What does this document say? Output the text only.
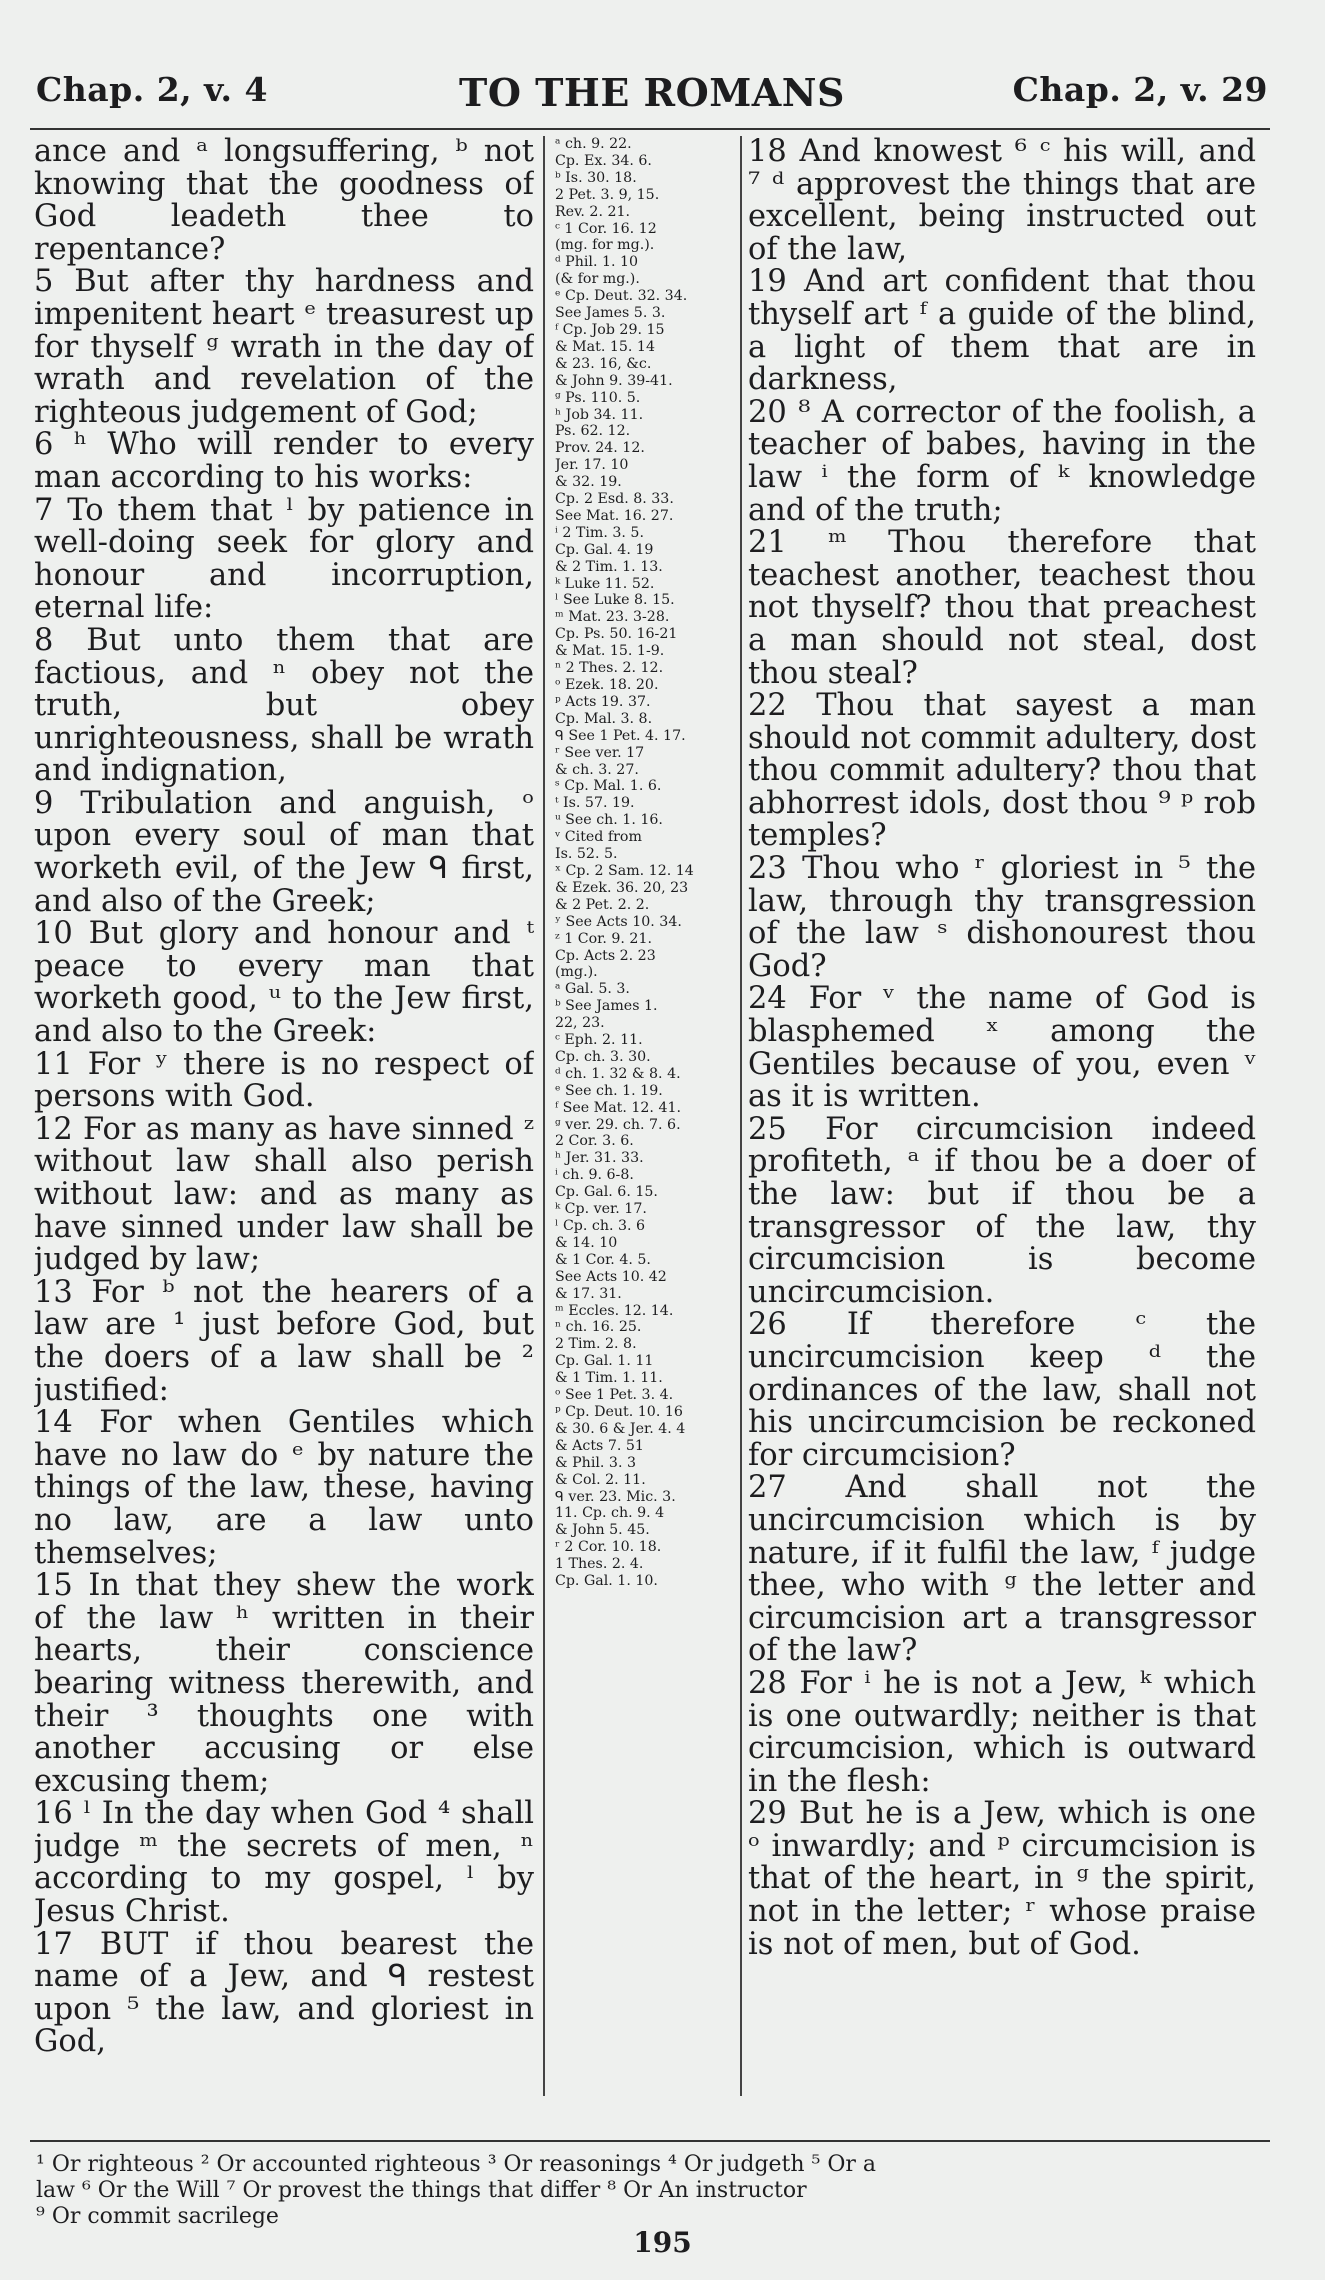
Chap. 2, v. 4	TO THE ROMANS	Chap. 2, v. 29

ance and ᵃ longsuffering, ᵇ not knowing that the goodness of God leadeth thee to repentance?

5 But after thy hardness and impenitent heart ᵉ treasurest up for thyself ᵍ wrath in the day of wrath and revelation of the righteous judgement of God;

6 ʰ Who will render to every man according to his works:

7 To them that ˡ by patience in well-doing seek for glory and honour and incorruption, eternal life:

8 But unto them that are factious, and ⁿ obey not the truth, but obey unrighteousness, shall be wrath and indignation,

9 Tribulation and anguish, ᵒ upon every soul of man that worketh evil, of the Jew ᑫ first, and also of the Greek;

10 But glory and honour and ᵗ peace to every man that worketh good, ᵘ to the Jew first, and also to the Greek:

11 For ʸ there is no respect of persons with God.

12 For as many as have sinned ᶻ without law shall also perish without law: and as many as have sinned under law shall be judged by law;

13 For ᵇ not the hearers of a law are ¹ just before God, but the doers of a law shall be ² justified:

14 For when Gentiles which have no law do ᵉ by nature the things of the law, these, having no law, are a law unto themselves;

15 In that they shew the work of the law ʰ written in their hearts, their conscience bearing witness therewith, and their ³ thoughts one with another accusing or else excusing them;

16 ˡ In the day when God ⁴ shall judge ᵐ the secrets of men, ⁿ according to my gospel, ˡ by Jesus Christ.

17 BUT if thou bearest the name of a Jew, and ᑫ restest upon ⁵ the law, and gloriest in God,

ᵃ ch. 9. 22.
Cp. Ex. 34. 6.

ᵇ Is. 30. 18.
2 Pet. 3. 9, 15.
Rev. 2. 21.

ᶜ 1 Cor. 16. 12
(mg. for mg.).

ᵈ Phil. 1. 10
(& for mg.).

ᵉ Cp. Deut. 32. 34.
See James 5. 3.

ᶠ Cp. Job 29. 15
& Mat. 15. 14
& 23. 16, &c.
& John 9. 39-41.

ᵍ Ps. 110. 5.

ʰ Job 34. 11.
Ps. 62. 12.
Prov. 24. 12.
Jer. 17. 10
& 32. 19.
Cp. 2 Esd. 8. 33.
See Mat. 16. 27.

ⁱ 2 Tim. 3. 5.
Cp. Gal. 4. 19
& 2 Tim. 1. 13.

ᵏ Luke 11. 52.

ˡ See Luke 8. 15.

ᵐ Mat. 23. 3-28.
Cp. Ps. 50. 16-21
& Mat. 15. 1-9.

ⁿ 2 Thes. 2. 12.

ᵒ Ezek. 18. 20.

ᵖ Acts 19. 37.
Cp. Mal. 3. 8.

ᑫ See 1 Pet. 4. 17.

ʳ See ver. 17
& ch. 3. 27.

ˢ Cp. Mal. 1. 6.

ᵗ Is. 57. 19.

ᵘ See ch. 1. 16.

ᵛ Cited from
Is. 52. 5.

ˣ Cp. 2 Sam. 12. 14
& Ezek. 36. 20, 23
& 2 Pet. 2. 2.

ʸ See Acts 10. 34.

ᶻ 1 Cor. 9. 21.
Cp. Acts 2. 23
(mg.).

ᵃ Gal. 5. 3.

ᵇ See James 1.
22, 23.

ᶜ Eph. 2. 11.
Cp. ch. 3. 30.

ᵈ ch. 1. 32 & 8. 4.

ᵉ See ch. 1. 19.

ᶠ See Mat. 12. 41.

ᵍ ver. 29. ch. 7. 6.
2 Cor. 3. 6.

ʰ Jer. 31. 33.

ⁱ ch. 9. 6-8.
Cp. Gal. 6. 15.

ᵏ Cp. ver. 17.

ˡ Cp. ch. 3. 6
& 14. 10
& 1 Cor. 4. 5.
See Acts 10. 42
& 17. 31.

ᵐ Eccles. 12. 14.

ⁿ ch. 16. 25.
2 Tim. 2. 8.
Cp. Gal. 1. 11
& 1 Tim. 1. 11.

ᵒ See 1 Pet. 3. 4.

ᵖ Cp. Deut. 10. 16
& 30. 6 & Jer. 4. 4
& Acts 7. 51
& Phil. 3. 3
& Col. 2. 11.

ᑫ ver. 23. Mic. 3.
11. Cp. ch. 9. 4
& John 5. 45.

ʳ 2 Cor. 10. 18.
1 Thes. 2. 4.
Cp. Gal. 1. 10.

18 And knowest ⁶ ᶜ his will, and ⁷ ᵈ approvest the things that are excellent, being instructed out of the law,

19 And art confident that thou thyself art ᶠ a guide of the blind, a light of them that are in darkness,

20 ⁸ A corrector of the foolish, a teacher of babes, having in the law ⁱ the form of ᵏ knowledge and of the truth;

21 ᵐ Thou therefore that teachest another, teachest thou not thyself? thou that preachest a man should not steal, dost thou steal?

22 Thou that sayest a man should not commit adultery, dost thou commit adultery? thou that abhorrest idols, dost thou ⁹ ᵖ rob temples?

23 Thou who ʳ gloriest in ⁵ the law, through thy transgression of the law ˢ dishonourest thou God?

24 For ᵛ the name of God is blasphemed ˣ among the Gentiles because of you, even ᵛ as it is written.

25 For circumcision indeed profiteth, ᵃ if thou be a doer of the law: but if thou be a transgressor of the law, thy circumcision is become uncircumcision.

26 If therefore ᶜ the uncircumcision keep ᵈ the ordinances of the law, shall not his uncircumcision be reckoned for circumcision?

27 And shall not the uncircumcision which is by nature, if it fulfil the law, ᶠ judge thee, who with ᵍ the letter and circumcision art a transgressor of the law?

28 For ⁱ he is not a Jew, ᵏ which is one outwardly; neither is that circumcision, which is outward in the flesh:

29 But he is a Jew, which is one ᵒ inwardly; and ᵖ circumcision is that of the heart, in ᵍ the spirit, not in the letter; ʳ whose praise is not of men, but of God.

¹ Or righteous ² Or accounted righteous ³ Or reasonings ⁴ Or judgeth ⁵ Or a
law ⁶ Or the Will ⁷ Or provest the things that differ ⁸ Or An instructor
⁹ Or commit sacrilege
195
